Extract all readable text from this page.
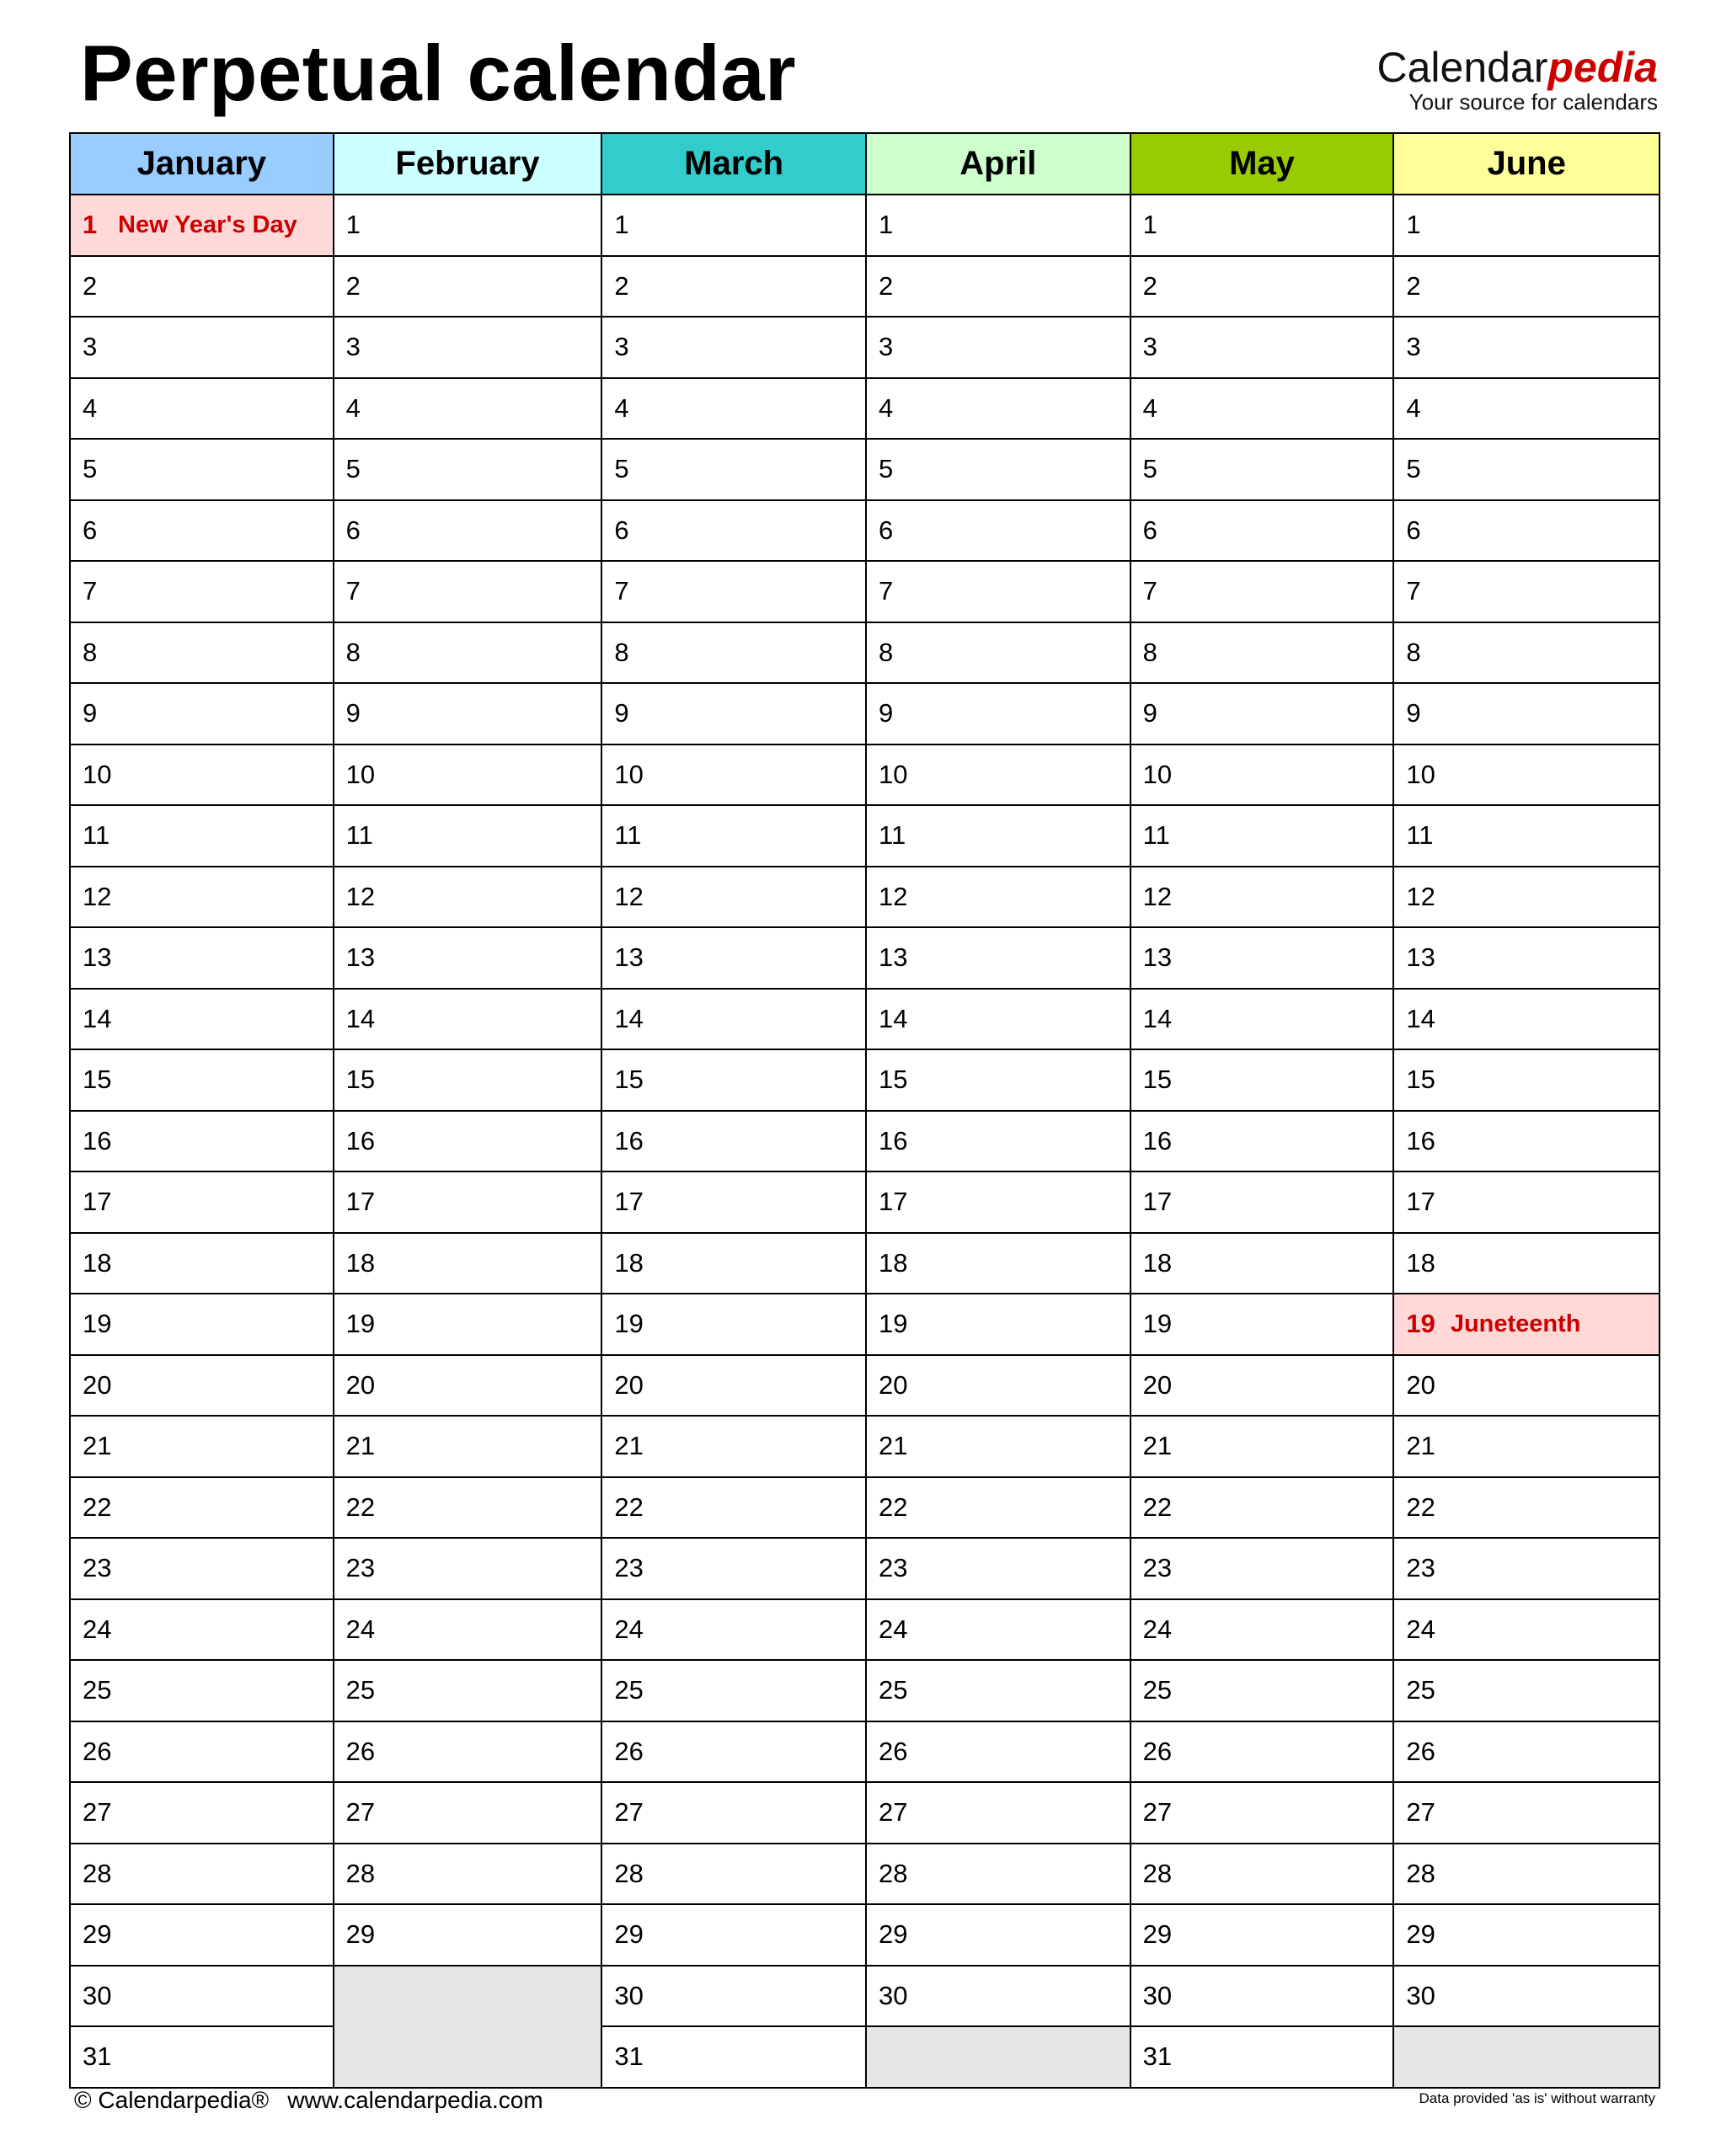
Perpetual calendar	Calendarpedia
Your source for calendars
January
1 New Year's Day
2
3
4
5
6
7
8
9
10
11
12
13
14
15
16
17
18
19
20
21
22
23
24
25
26
27
28
29
30
31
February
1
2
3
4
5
6
7
8
9
10
11
12
13
14
15
16
17
18
19
20
21
22
23
24
25
26
27
28
29
March
1
2
3
4
5
6
7
8
9
10
11
12
13
14
15
16
17
18
19
20
21
22
23
24
25
26
27
28
29
30
31
April
1
2
3
4
5
6
7
8
9
10
11
12
13
14
15
16
17
18
19
20
21
22
23
24
25
26
27
28
29
30
May
1
2
3
4
5
6
7
8
9
10
11
12
13
14
15
16
17
18
19
20
21
22
23
24
25
26
27
28
29
30
31
June
1
2
3
4
5
6
7
8
9
10
11
12
13
14
15
16
17
18
19 Juneteenth
20
21
22
23
24
25
26
27
28
29
30
© Calendarpedia® www.calendarpedia.com	Data provided 'as is' without warranty
